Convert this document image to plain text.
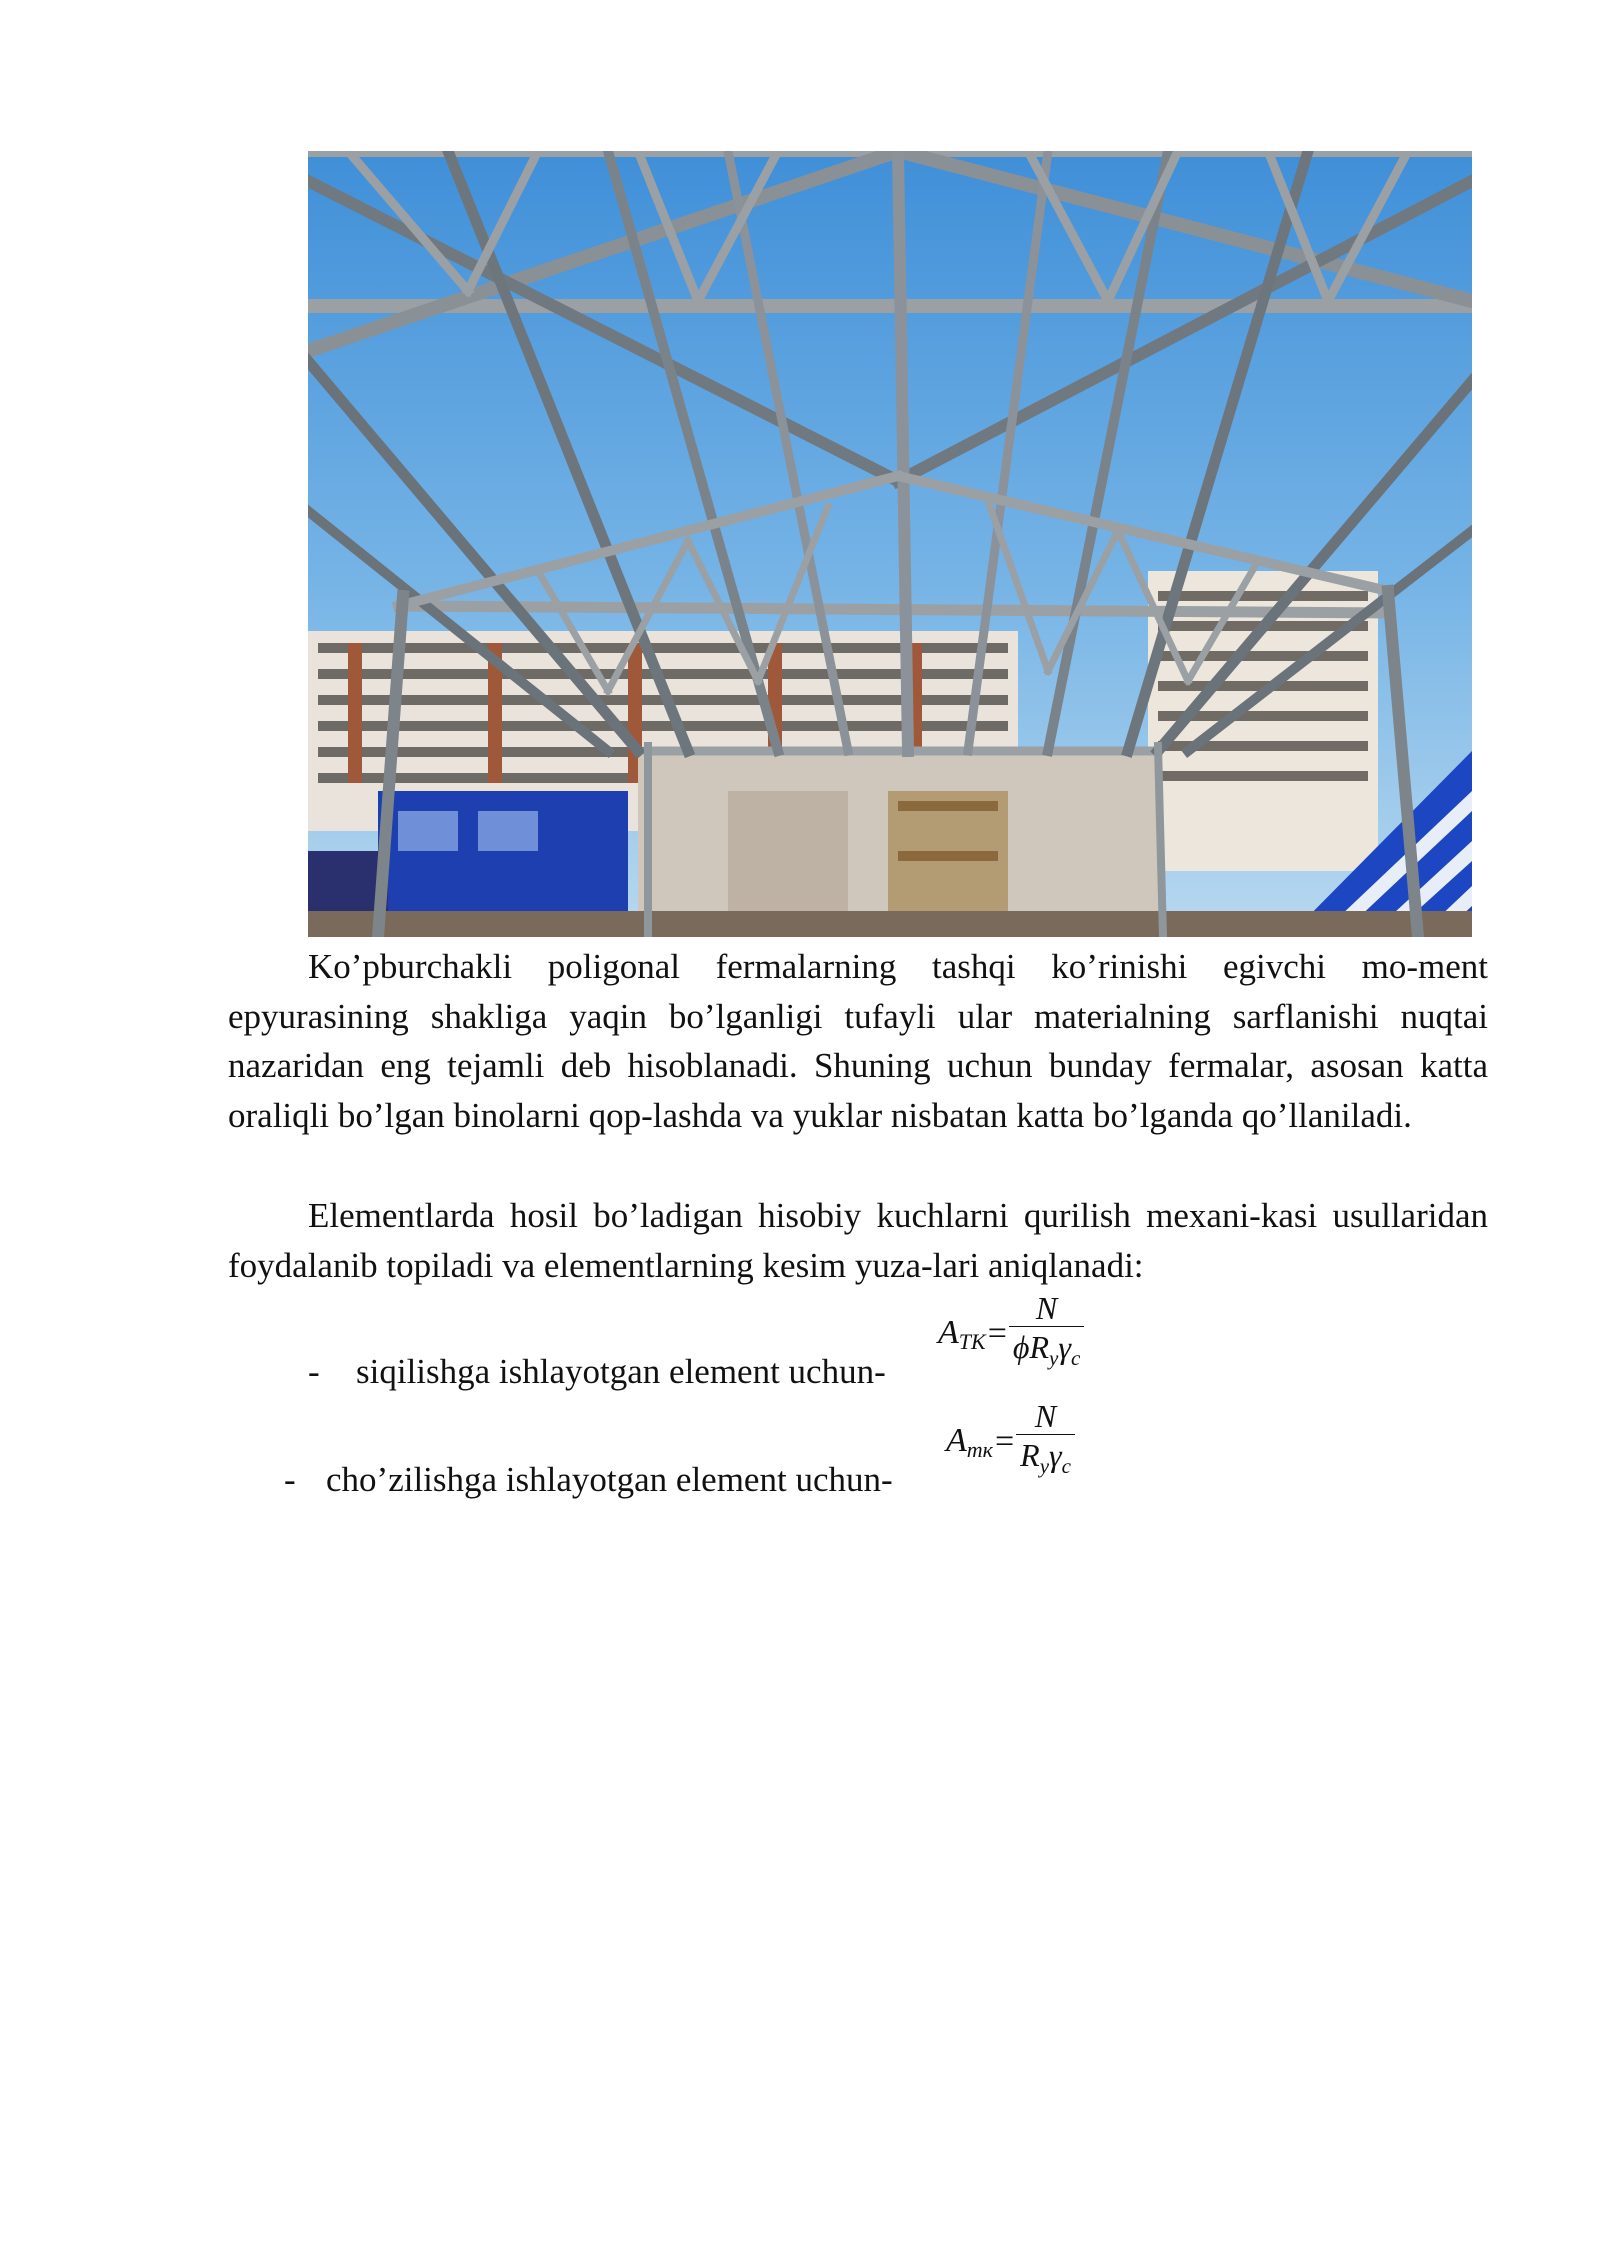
Ko’pburchakli poligonal fermalarning tashqi ko’rinishi egivchi mo-ment epyurasining shakliga yaqin bo’lganligi tufayli ular materialning sarflanishi nuqtai nazaridan eng tejamli deb hisoblanadi. Shuning uchun bunday fermalar, asosan katta oraliqli bo’lgan binolarni qop-lashda va yuklar nisbatan katta bo’lganda qo’llaniladi.

Elementlarda hosil bo’ladigan hisobiy kuchlarni qurilish mexani-kasi usullaridan foydalanib topiladi va elementlarning kesim yuza-lari aniqlanadi:

- siqilishga ishlayotgan element uchun-
$A_{TK} = \frac{N}{\phi R_y\gamma_c}$
- cho’zilishga ishlayotgan element uchun-
$A_{тк} = \frac{N}{R_y\gamma_c}$
